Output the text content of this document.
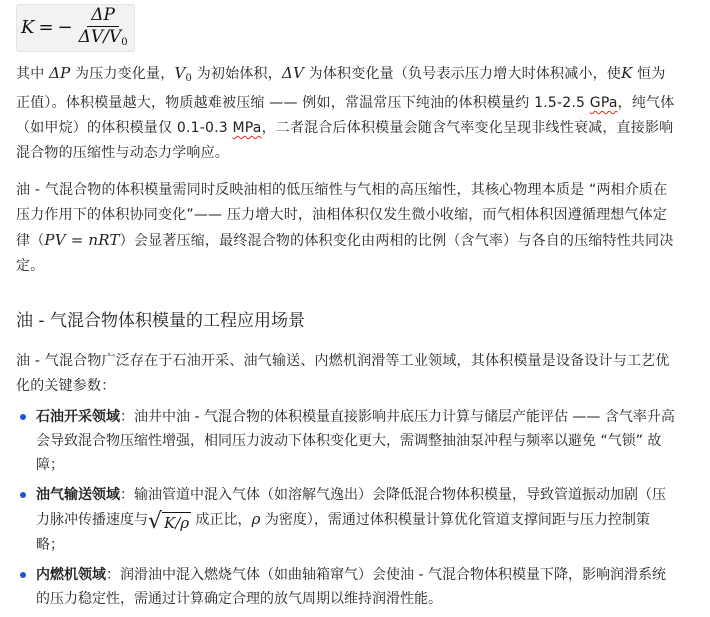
K = − $\frac{\Delta P}{\Delta V/V_0}$

其中 ΔP 为压力变化量，$V_0$ 为初始体积，ΔV 为体积变化量（负号表示压力增大时体积减小，使K 恒为正值）。体积模量越大，物质越难被压缩 —— 例如，常温常压下纯油的体积模量约 1.5-2.5 GPa，纯气体（如甲烷）的体积模量仅 0.1-0.3 MPa，二者混合后体积模量会随含气率变化呈现非线性衰减，直接影响混合物的压缩性与动态力学响应。

油 - 气混合物的体积模量需同时反映油相的低压缩性与气相的高压缩性，其核心物理本质是 “两相介质在压力作用下的体积协同变化”—— 压力增大时，油相体积仅发生微小收缩，而气相体积因遵循理想气体定律（PV = nRT）会显著压缩，最终混合物的体积变化由两相的比例（含气率）与各自的压缩特性共同决定。

油 - 气混合物体积模量的工程应用场景

油 - 气混合物广泛存在于石油开采、油气输送、内燃机润滑等工业领域，其体积模量是设备设计与工艺优化的关键参数：

石油开采领域：油井中油 - 气混合物的体积模量直接影响井底压力计算与储层产能评估 —— 含气率升高会导致混合物压缩性增强，相同压力波动下体积变化更大，需调整抽油泵冲程与频率以避免 “气锁” 故障；
油气输送领域：输油管道中混入气体（如溶解气逸出）会降低混合物体积模量，导致管道振动加剧（压力脉冲传播速度与 √ K/ρ 成正比，ρ 为密度），需通过体积模量计算优化管道支撑间距与压力控制策略；
内燃机领域：润滑油中混入燃烧气体（如曲轴箱窜气）会使油 - 气混合物体积模量下降，影响润滑系统的压力稳定性，需通过计算确定合理的放气周期以维持润滑性能。
